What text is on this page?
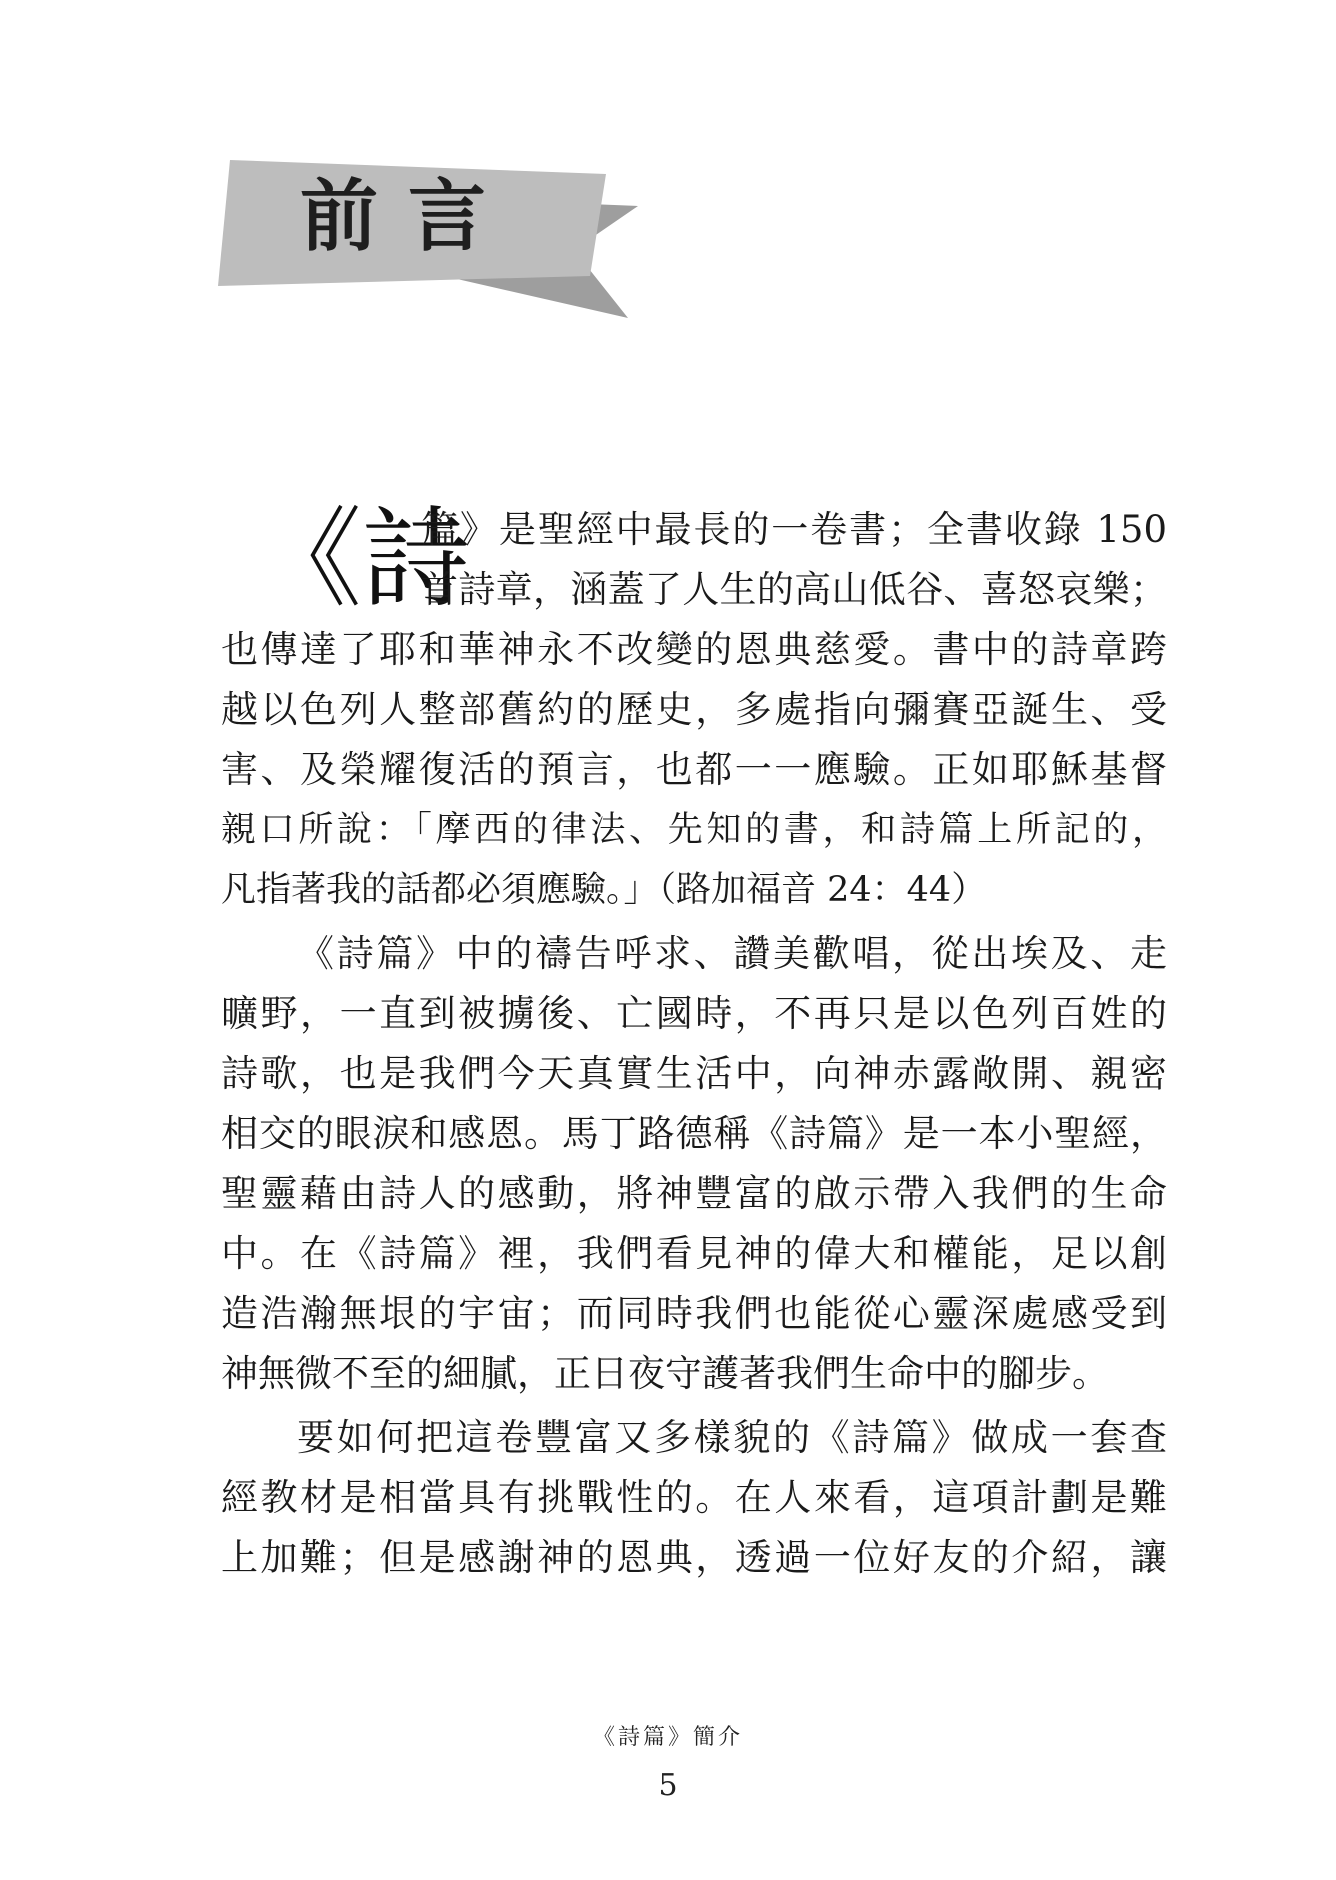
前言
《詩
篇》是聖經中最長的一卷書；全書收錄 150
首詩章，涵蓋了人生的高山低谷、喜怒哀樂；
也傳達了耶和華神永不改變的恩典慈愛。書中的詩章跨
越以色列人整部舊約的歷史，多處指向彌賽亞誕生、受
害、及榮耀復活的預言，也都一一應驗。正如耶穌基督
親口所說：「摩西的律法、先知的書，和詩篇上所記的，
凡指著我的話都必須應驗。」（路加福音 24：44）
《詩篇》中的禱告呼求、讚美歡唱，從出埃及、走
曠野，一直到被擄後、亡國時，不再只是以色列百姓的
詩歌，也是我們今天真實生活中，向神赤露敞開、親密
相交的眼淚和感恩。馬丁路德稱《詩篇》是一本小聖經，
聖靈藉由詩人的感動，將神豐富的啟示帶入我們的生命
中。在《詩篇》裡，我們看見神的偉大和權能，足以創
造浩瀚無垠的宇宙；而同時我們也能從心靈深處感受到
神無微不至的細膩，正日夜守護著我們生命中的腳步。
要如何把這卷豐富又多樣貌的《詩篇》做成一套查
經教材是相當具有挑戰性的。在人來看，這項計劃是難
上加難；但是感謝神的恩典，透過一位好友的介紹，讓
《詩篇》簡介
5
